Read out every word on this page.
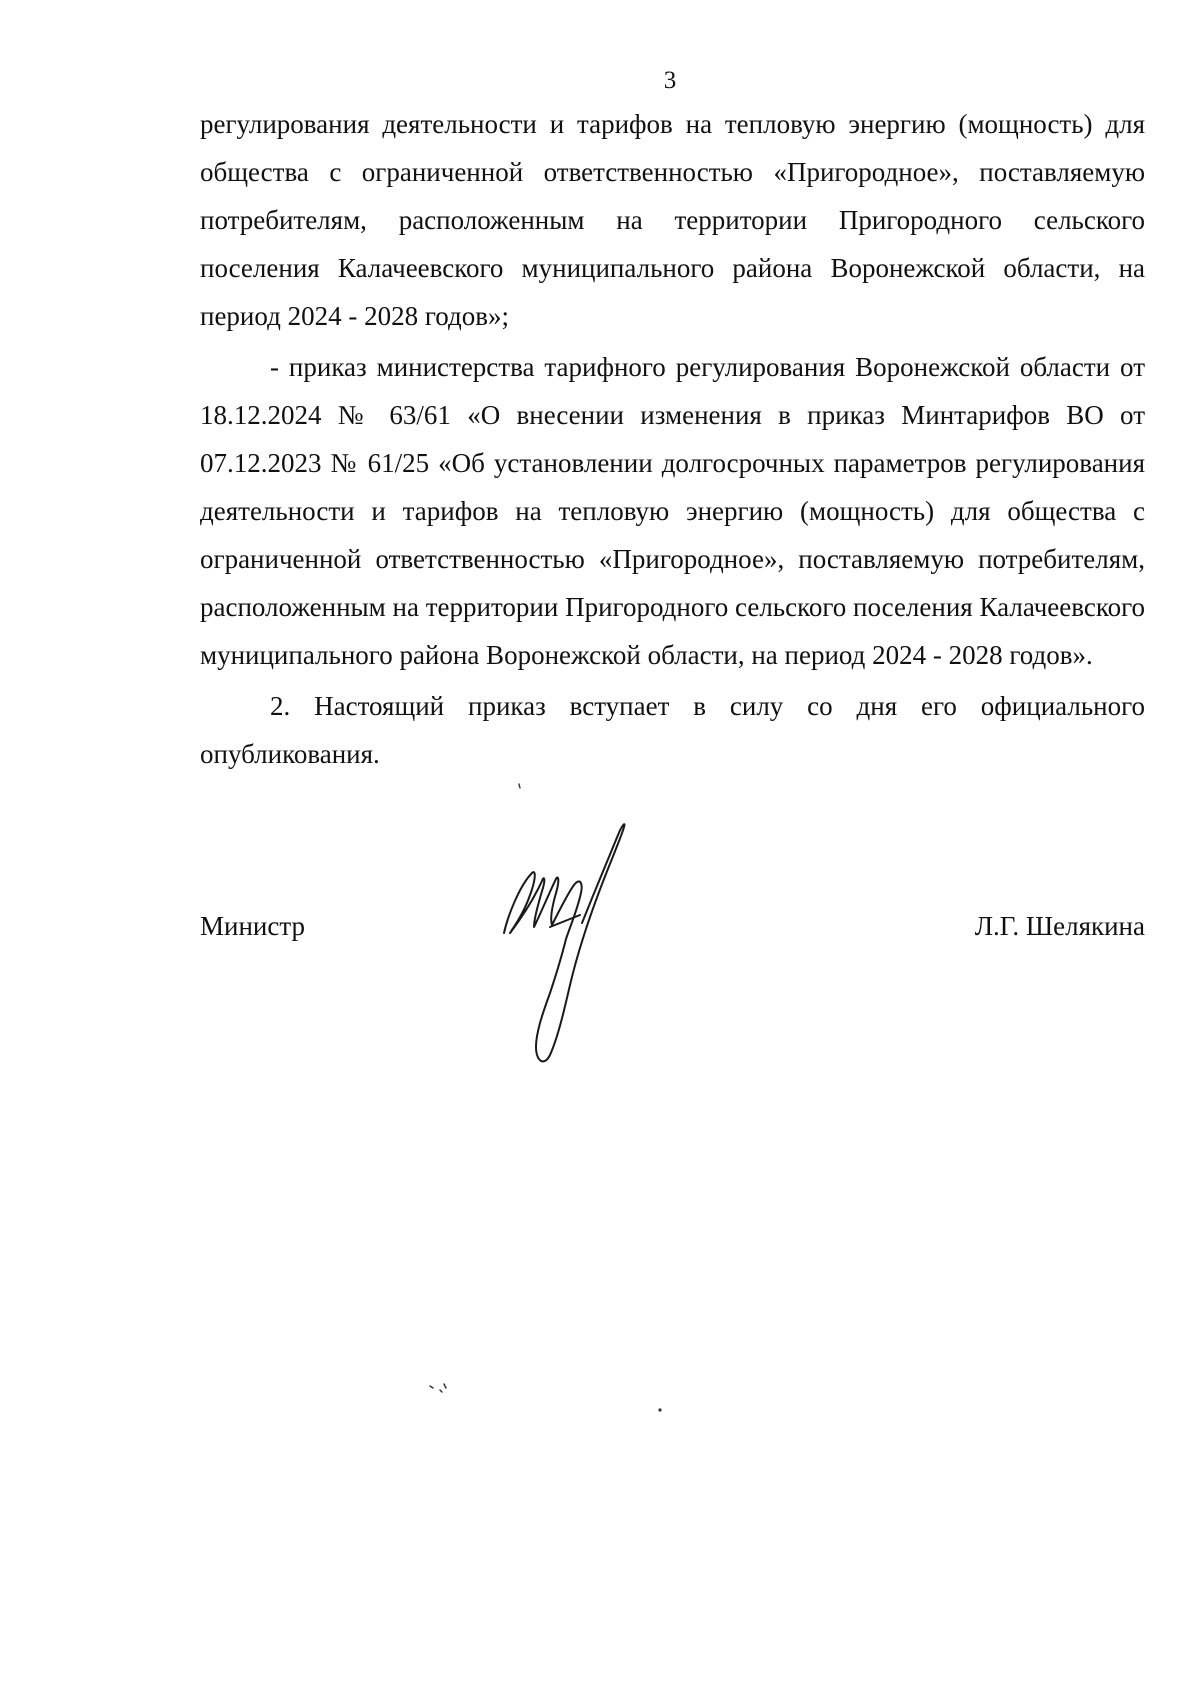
3

регулирования деятельности и тарифов на тепловую энергию (мощность) для общества с ограниченной ответственностью «Пригородное», поставляемую потребителям, расположенным на территории Пригородного сельского поселения Калачеевского муниципального района Воронежской области, на период 2024 - 2028 годов»;

- приказ министерства тарифного регулирования Воронежской области от 18.12.2024 № 63/61 «О внесении изменения в приказ Минтарифов ВО от 07.12.2023 № 61/25 «Об установлении долгосрочных параметров регулирования деятельности и тарифов на тепловую энергию (мощность) для общества с ограниченной ответственностью «Пригородное», поставляемую потребителям, расположенным на территории Пригородного сельского поселения Калачеевского муниципального района Воронежской области, на период 2024 - 2028 годов».

2. Настоящий приказ вступает в силу со дня его официального опубликования.

Министр	Л.Г. Шелякина
